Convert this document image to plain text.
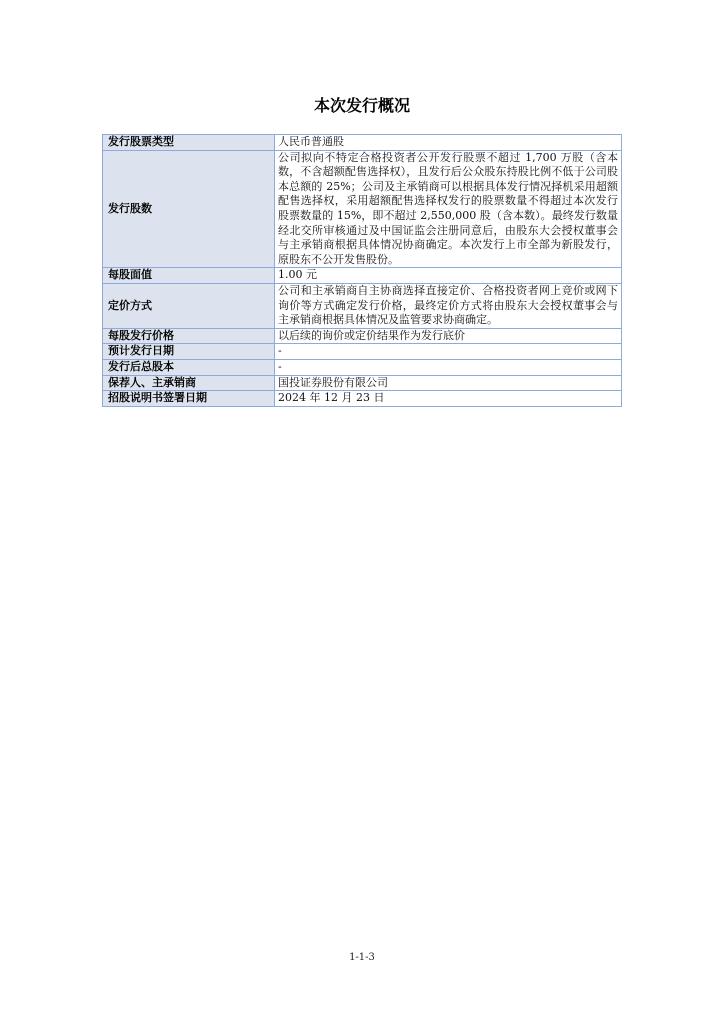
本次发行概况
发行股票类型	人民币普通股
发行股数	公司拟向不特定合格投资者公开发行股票不超过 1,700 万股（含本数，不含超额配售选择权），且发行后公众股东持股比例不低于公司股本总额的 25%；公司及主承销商可以根据具体发行情况择机采用超额配售选择权，采用超额配售选择权发行的股票数量不得超过本次发行股票数量的 15%，即不超过 2,550,000 股（含本数）。最终发行数量经北交所审核通过及中国证监会注册同意后，由股东大会授权董事会与主承销商根据具体情况协商确定。本次发行上市全部为新股发行，原股东不公开发售股份。
每股面值	1.00 元
定价方式	公司和主承销商自主协商选择直接定价、合格投资者网上竞价或网下询价等方式确定发行价格，最终定价方式将由股东大会授权董事会与主承销商根据具体情况及监管要求协商确定。
每股发行价格	以后续的询价或定价结果作为发行底价
预计发行日期	-
发行后总股本	-
保荐人、主承销商	国投证券股份有限公司
招股说明书签署日期	2024 年 12 月 23 日
1-1-3
